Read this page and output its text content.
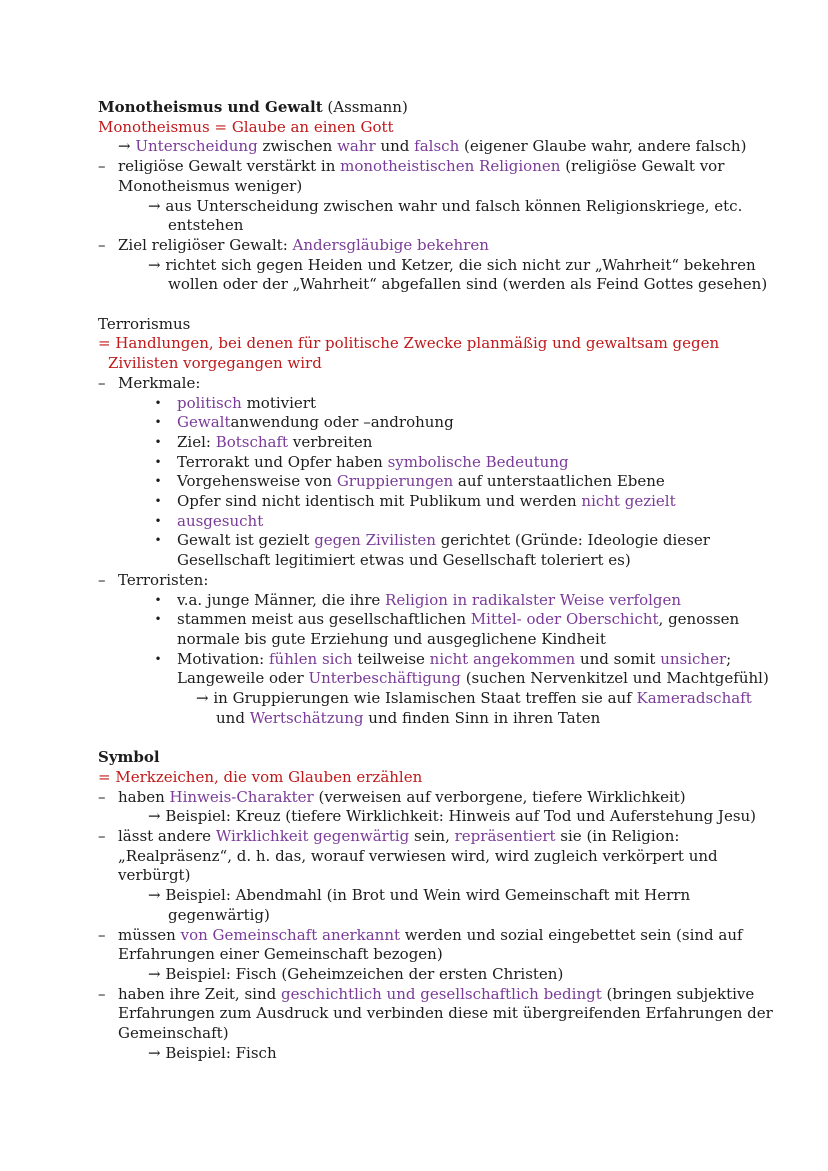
Monotheismus und Gewalt (Assmann)
Monotheismus = Glaube an einen Gott
→ Unterscheidung zwischen wahr und falsch (eigener Glaube wahr, andere falsch)
– religiöse Gewalt verstärkt in monotheistischen Religionen (religiöse Gewalt vor
Monotheismus weniger)
→ aus Unterscheidung zwischen wahr und falsch können Religionskriege, etc.
entstehen
– Ziel religiöser Gewalt: Andersgläubige bekehren
→ richtet sich gegen Heiden und Ketzer, die sich nicht zur „Wahrheit“ bekehren
wollen oder der „Wahrheit“ abgefallen sind (werden als Feind Gottes gesehen)
Terrorismus
= Handlungen, bei denen für politische Zwecke planmäßig und gewaltsam gegen
Zivilisten vorgegangen wird
– Merkmale:
• politisch motiviert
• Gewaltanwendung oder –androhung
• Ziel: Botschaft verbreiten
• Terrorakt und Opfer haben symbolische Bedeutung
• Vorgehensweise von Gruppierungen auf unterstaatlichen Ebene
• Opfer sind nicht identisch mit Publikum und werden nicht gezielt
• ausgesucht
• Gewalt ist gezielt gegen Zivilisten gerichtet (Gründe: Ideologie dieser
Gesellschaft legitimiert etwas und Gesellschaft toleriert es)
– Terroristen:
• v.a. junge Männer, die ihre Religion in radikalster Weise verfolgen
• stammen meist aus gesellschaftlichen Mittel- oder Oberschicht, genossen
normale bis gute Erziehung und ausgeglichene Kindheit
• Motivation: fühlen sich teilweise nicht angekommen und somit unsicher;
Langeweile oder Unterbeschäftigung (suchen Nervenkitzel und Machtgefühl)
→ in Gruppierungen wie Islamischen Staat treffen sie auf Kameradschaft
und Wertschätzung und finden Sinn in ihren Taten
Symbol
= Merkzeichen, die vom Glauben erzählen
– haben Hinweis-Charakter (verweisen auf verborgene, tiefere Wirklichkeit)
→ Beispiel: Kreuz (tiefere Wirklichkeit: Hinweis auf Tod und Auferstehung Jesu)
– lässt andere Wirklichkeit gegenwärtig sein, repräsentiert sie (in Religion:
„Realpräsenz“, d. h. das, worauf verwiesen wird, wird zugleich verkörpert und
verbürgt)
→ Beispiel: Abendmahl (in Brot und Wein wird Gemeinschaft mit Herrn
gegenwärtig)
– müssen von Gemeinschaft anerkannt werden und sozial eingebettet sein (sind auf
Erfahrungen einer Gemeinschaft bezogen)
→ Beispiel: Fisch (Geheimzeichen der ersten Christen)
– haben ihre Zeit, sind geschichtlich und gesellschaftlich bedingt (bringen subjektive
Erfahrungen zum Ausdruck und verbinden diese mit übergreifenden Erfahrungen der
Gemeinschaft)
→ Beispiel: Fisch
